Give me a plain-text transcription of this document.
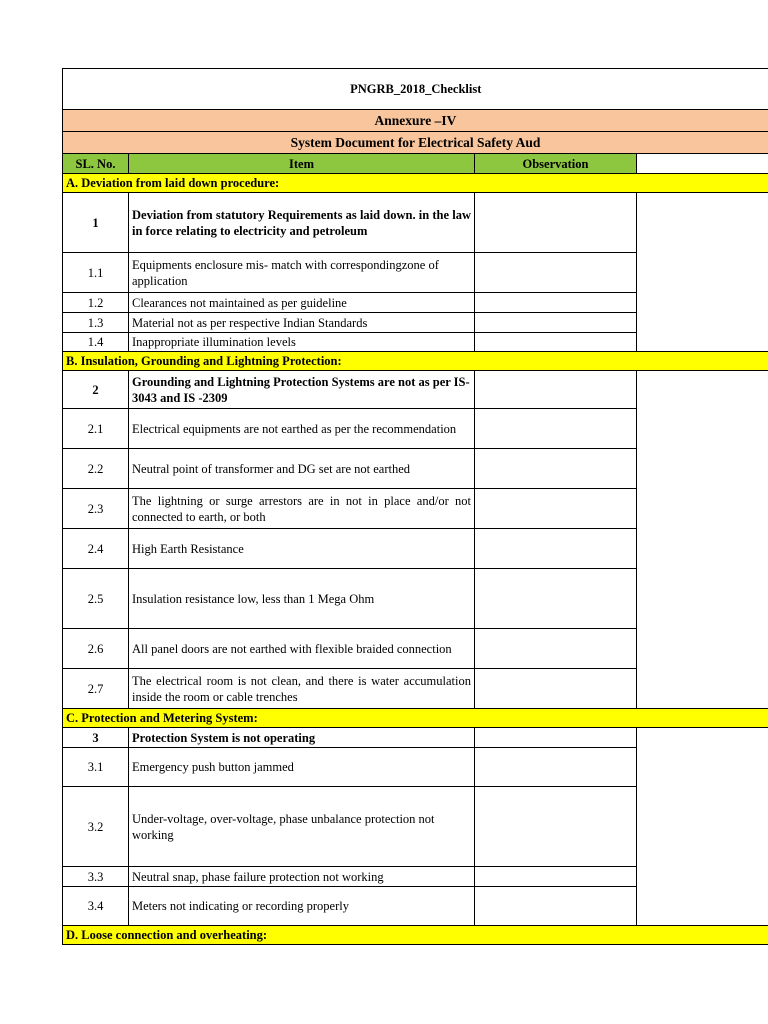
PNGRB_2018_Checklist			
Annexure –IV			
System Document for Electrical Safety Aud			
SL. No.	Item	Observation	
A. Deviation from laid down procedure:			
1	Deviation from statutory Requirements as laid down. in the law in force relating to electricity and petroleum		
1.1	Equipments enclosure mis- match with correspondingzone of application		
1.2	Clearances not maintained as per guideline		
1.3	Material not as per respective Indian Standards		
1.4	Inappropriate illumination levels		
B. Insulation, Grounding and Lightning Protection:			
2	Grounding and Lightning Protection Systems are not as per IS-3043 and IS -2309		
2.1	Electrical equipments are not earthed as per the recommendation		
2.2	Neutral point of transformer and DG set are not earthed		
2.3	The lightning or surge arrestors are in not in place and/or not connected to earth, or both		
2.4	High Earth Resistance		
2.5	Insulation resistance low, less than 1 Mega Ohm		
2.6	All panel doors are not earthed with flexible braided connection		
2.7	The electrical room is not clean, and there is water accumulation inside the room or cable trenches		
C. Protection and Metering System:			
3	Protection System is not operating		
3.1	Emergency push button jammed		
3.2	Under-voltage, over-voltage, phase unbalance protection not working		
3.3	Neutral snap, phase failure protection not working		
3.4	Meters not indicating or recording properly		
D. Loose connection and overheating:			
